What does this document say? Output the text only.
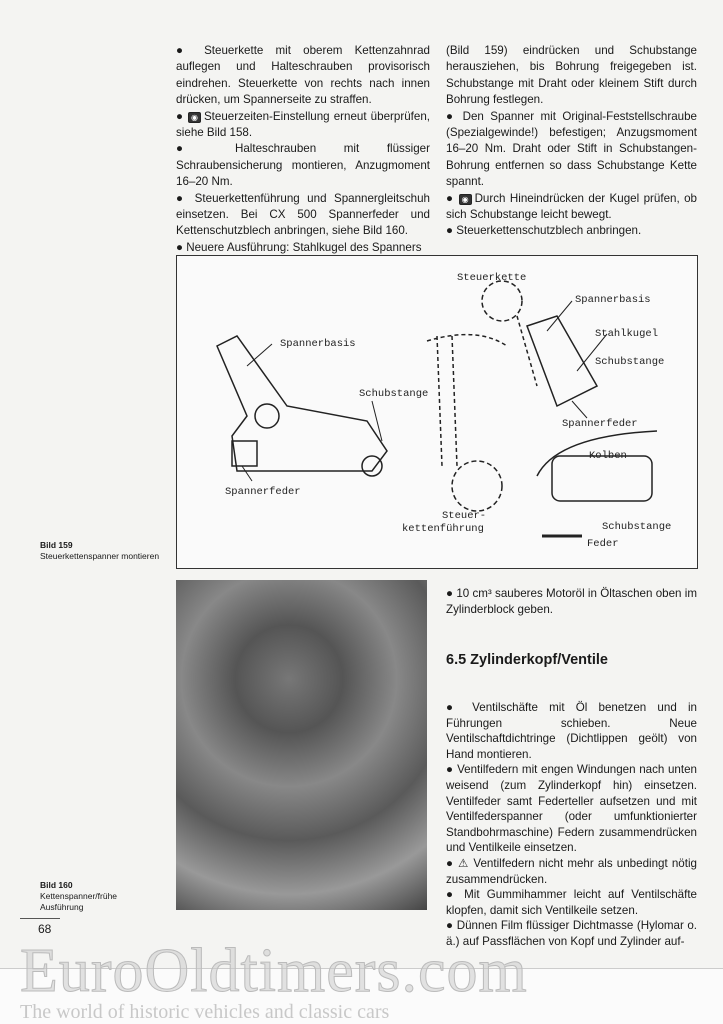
● Steuerkette mit oberem Kettenzahnrad auflegen und Halteschrauben provisorisch eindrehen. Steuerkette von rechts nach innen drücken, um Spannerseite zu straffen.

● ◉ Steuerzeiten-Einstellung erneut überprüfen, siehe Bild 158.

● Halteschrauben mit flüssiger Schraubensicherung montieren, Anzugmoment 16–20 Nm.

● Steuerkettenführung und Spannergleitschuh einsetzen. Bei CX 500 Spannerfeder und Kettenschutzblech anbringen, siehe Bild 160.

● Neuere Ausführung: Stahlkugel des Spanners

(Bild 159) eindrücken und Schubstange herausziehen, bis Bohrung freigegeben ist. Schubstange mit Draht oder kleinem Stift durch Bohrung festlegen.

● Den Spanner mit Original-Feststellschraube (Spezialgewinde!) befestigen; Anzugsmoment 16–20 Nm. Draht oder Stift in Schubstangen-Bohrung entfernen so dass Schubstange Kette spannt.

● ◉ Durch Hineindrücken der Kugel prüfen, ob sich Schubstange leicht bewegt.

● Steuerkettenschutzblech anbringen.

Spannerbasis
Schubstange
Spannerfeder
Steuerkette
Spannerbasis
Stahlkugel
Schubstange
Spannerfeder
Kolben
Steuer-
kettenführung	Schubstange
Feder
Bild 159
Steuerkettenspanner montieren
Bild 160
Kettenspanner/frühe Ausführung

● 10 cm³ sauberes Motoröl in Öltaschen oben im Zylinderblock geben.

6.5 Zylinderkopf/Ventile

● Ventilschäfte mit Öl benetzen und in Führungen schieben. Neue Ventilschaftdichtringe (Dichtlippen geölt) von Hand montieren.

● Ventilfedern mit engen Windungen nach unten weisend (zum Zylinderkopf hin) einsetzen. Ventilfeder samt Federteller aufsetzen und mit Ventilfederspanner (oder umfunktionierter Standbohrmaschine) Federn zusammendrücken und Ventilkeile einsetzen.

● ⚠ Ventilfedern nicht mehr als unbedingt nötig zusammendrücken.

● Mit Gummihammer leicht auf Ventilschäfte klopfen, damit sich Ventilkeile setzen.

● Dünnen Film flüssiger Dichtmasse (Hylomar o. ä.) auf Passflächen von Kopf und Zylinder auf-

68
EuroOldtimers.com
The world of historic vehicles and classic cars
